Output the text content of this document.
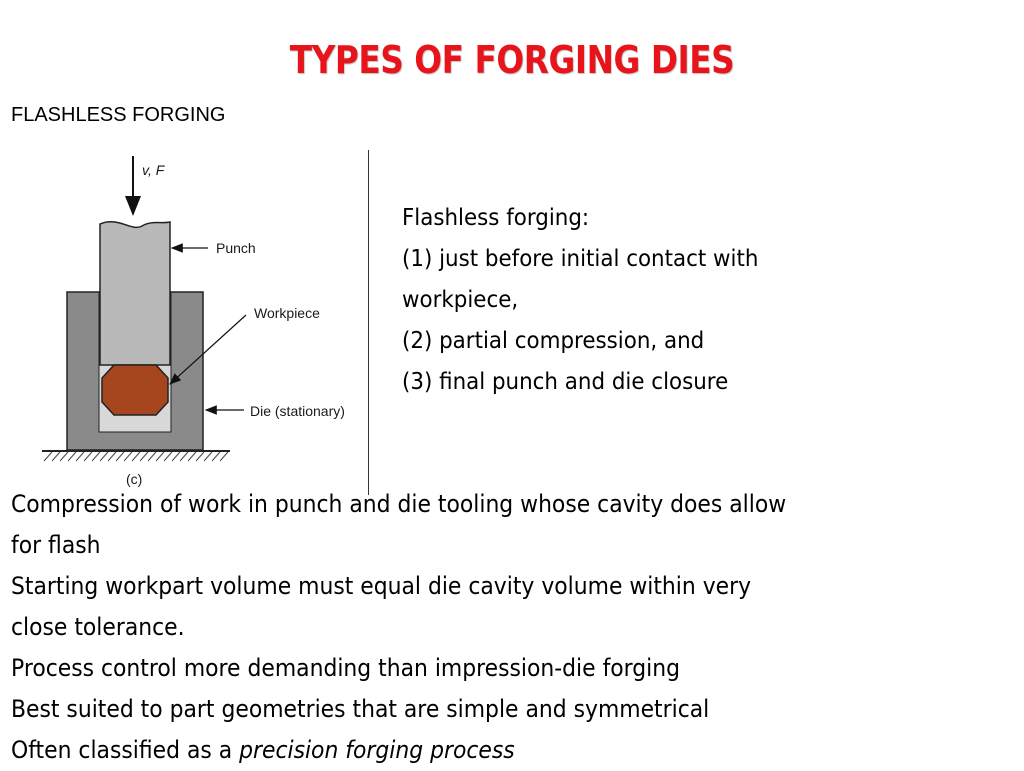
TYPES OF FORGING DIES
FLASHLESS FORGING
v, F
Punch
Workpiece
Die (stationary)
(c)
Flashless forging:
(1) just before initial contact with
workpiece,
(2) partial compression, and
(3) final punch and die closure
Compression of work in punch and die tooling whose cavity does allow
for flash
Starting workpart volume must equal die cavity volume within very
close tolerance.
Process control more demanding than impression-die forging
Best suited to part geometries that are simple and symmetrical
Often classified as a precision forging process
